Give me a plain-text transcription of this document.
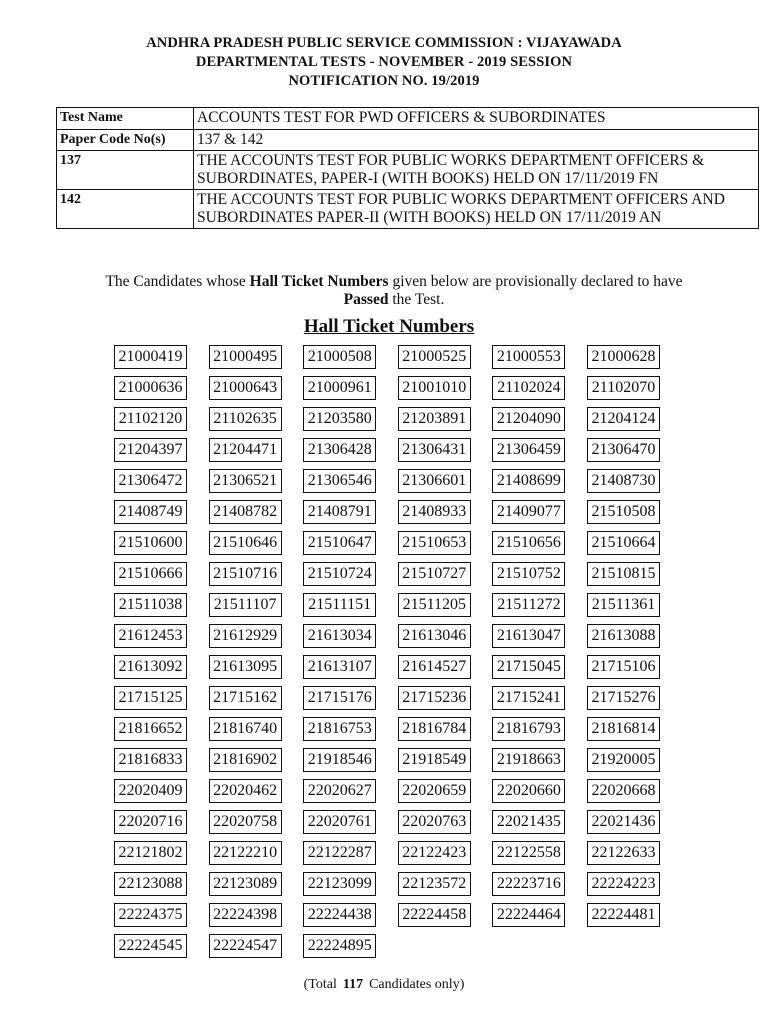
ANDHRA PRADESH PUBLIC SERVICE COMMISSION : VIJAYAWADA
DEPARTMENTAL TESTS - NOVEMBER - 2019 SESSION
NOTIFICATION NO. 19/2019
Test Name	ACCOUNTS TEST FOR PWD OFFICERS & SUBORDINATES
Paper Code No(s)	137 & 142
137	THE ACCOUNTS TEST FOR PUBLIC WORKS DEPARTMENT OFFICERS & SUBORDINATES, PAPER-I (WITH BOOKS) HELD ON 17/11/2019 FN
142	THE ACCOUNTS TEST FOR PUBLIC WORKS DEPARTMENT OFFICERS AND SUBORDINATES PAPER-II (WITH BOOKS) HELD ON 17/11/2019 AN
The Candidates whose Hall Ticket Numbers given below are provisionally declared to have
Passed the Test.
Hall Ticket Numbers
21000419 21000495 21000508 21000525 21000553 21000628
21000636 21000643 21000961 21001010 21102024 21102070
21102120 21102635 21203580 21203891 21204090 21204124
21204397 21204471 21306428 21306431 21306459 21306470
21306472 21306521 21306546 21306601 21408699 21408730
21408749 21408782 21408791 21408933 21409077 21510508
21510600 21510646 21510647 21510653 21510656 21510664
21510666 21510716 21510724 21510727 21510752 21510815
21511038	21511107	21511151	21511205 21511272 21511361
21612453 21612929 21613034 21613046 21613047 21613088
21613092 21613095 21613107 21614527 21715045 21715106
21715125 21715162 21715176 21715236 21715241 21715276
21816652 21816740 21816753 21816784 21816793 21816814
21816833 21816902 21918546 21918549 21918663 21920005
22020409 22020462 22020627 22020659 22020660 22020668
22020716 22020758 22020761 22020763 22021435 22021436
22121802 22122210 22122287 22122423 22122558 22122633
22123088 22123089 22123099 22123572 22223716 22224223
22224375 22224398 22224438 22224458 22224464 22224481
22224545 22224547 22224895
(Total 117 Candidates only)
